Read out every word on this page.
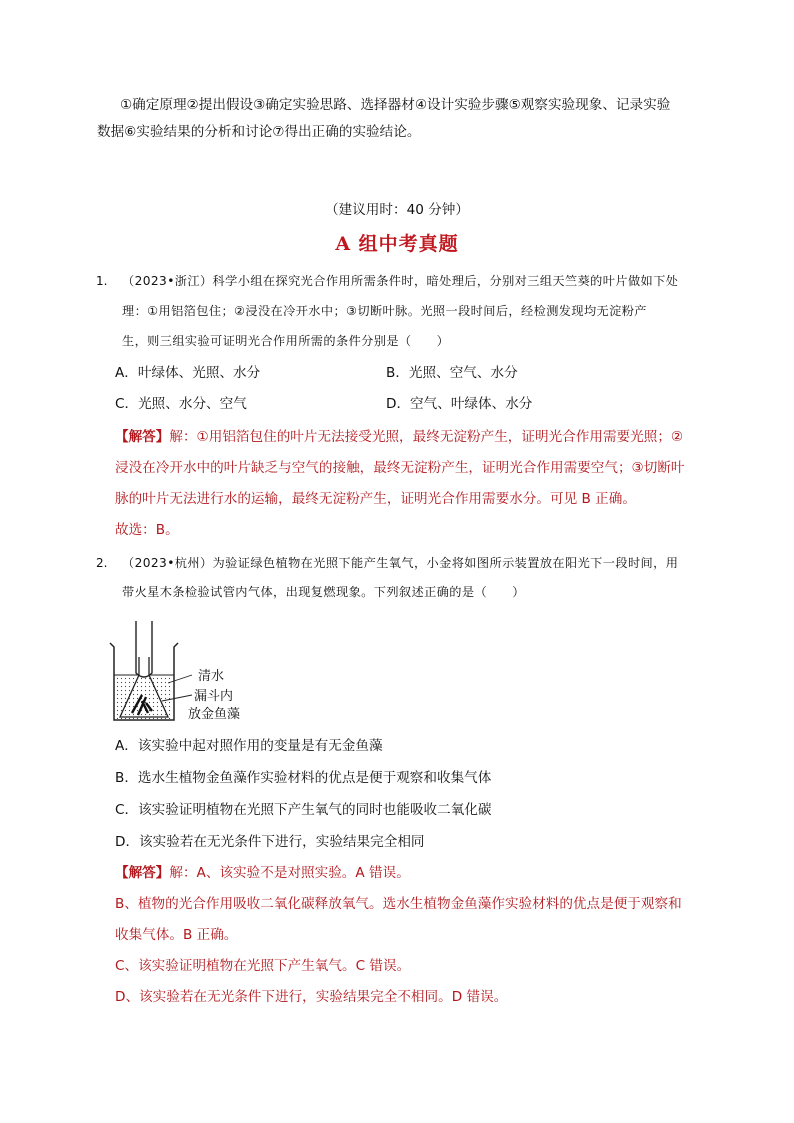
①确定原理②提出假设③确定实验思路、选择器材④设计实验步骤⑤观察实验现象、记录实验
数据⑥实验结果的分析和讨论⑦得出正确的实验结论。
（建议用时：40 分钟）
A 组中考真题
1. （2023•浙江）科学小组在探究光合作用所需条件时，暗处理后，分别对三组天竺葵的叶片做如下处
理：①用铝箔包住；②浸没在冷开水中；③切断叶脉。光照一段时间后，经检测发现均无淀粉产
生，则三组实验可证明光合作用所需的条件分别是（　　）
A．叶绿体、光照、水分	B．光照、空气、水分
C．光照、水分、空气	D．空气、叶绿体、水分
【解答】解：①用铝箔包住的叶片无法接受光照，最终无淀粉产生，证明光合作用需要光照；②
浸没在冷开水中的叶片缺乏与空气的接触，最终无淀粉产生，证明光合作用需要空气；③切断叶
脉的叶片无法进行水的运输，最终无淀粉产生，证明光合作用需要水分。可见 B 正确。
故选：B。
2. （2023•杭州）为验证绿色植物在光照下能产生氧气，小金将如图所示装置放在阳光下一段时间，用
带火星木条检验试管内气体，出现复燃现象。下列叙述正确的是（　　）
清水
漏斗内
放金鱼藻
A．该实验中起对照作用的变量是有无金鱼藻
B．选水生植物金鱼藻作实验材料的优点是便于观察和收集气体
C．该实验证明植物在光照下产生氧气的同时也能吸收二氧化碳
D．该实验若在无光条件下进行，实验结果完全相同
【解答】解：A、该实验不是对照实验。A 错误。
B、植物的光合作用吸收二氧化碳释放氧气。选水生植物金鱼藻作实验材料的优点是便于观察和
收集气体。B 正确。
C、该实验证明植物在光照下产生氧气。C 错误。
D、该实验若在无光条件下进行，实验结果完全不相同。D 错误。
